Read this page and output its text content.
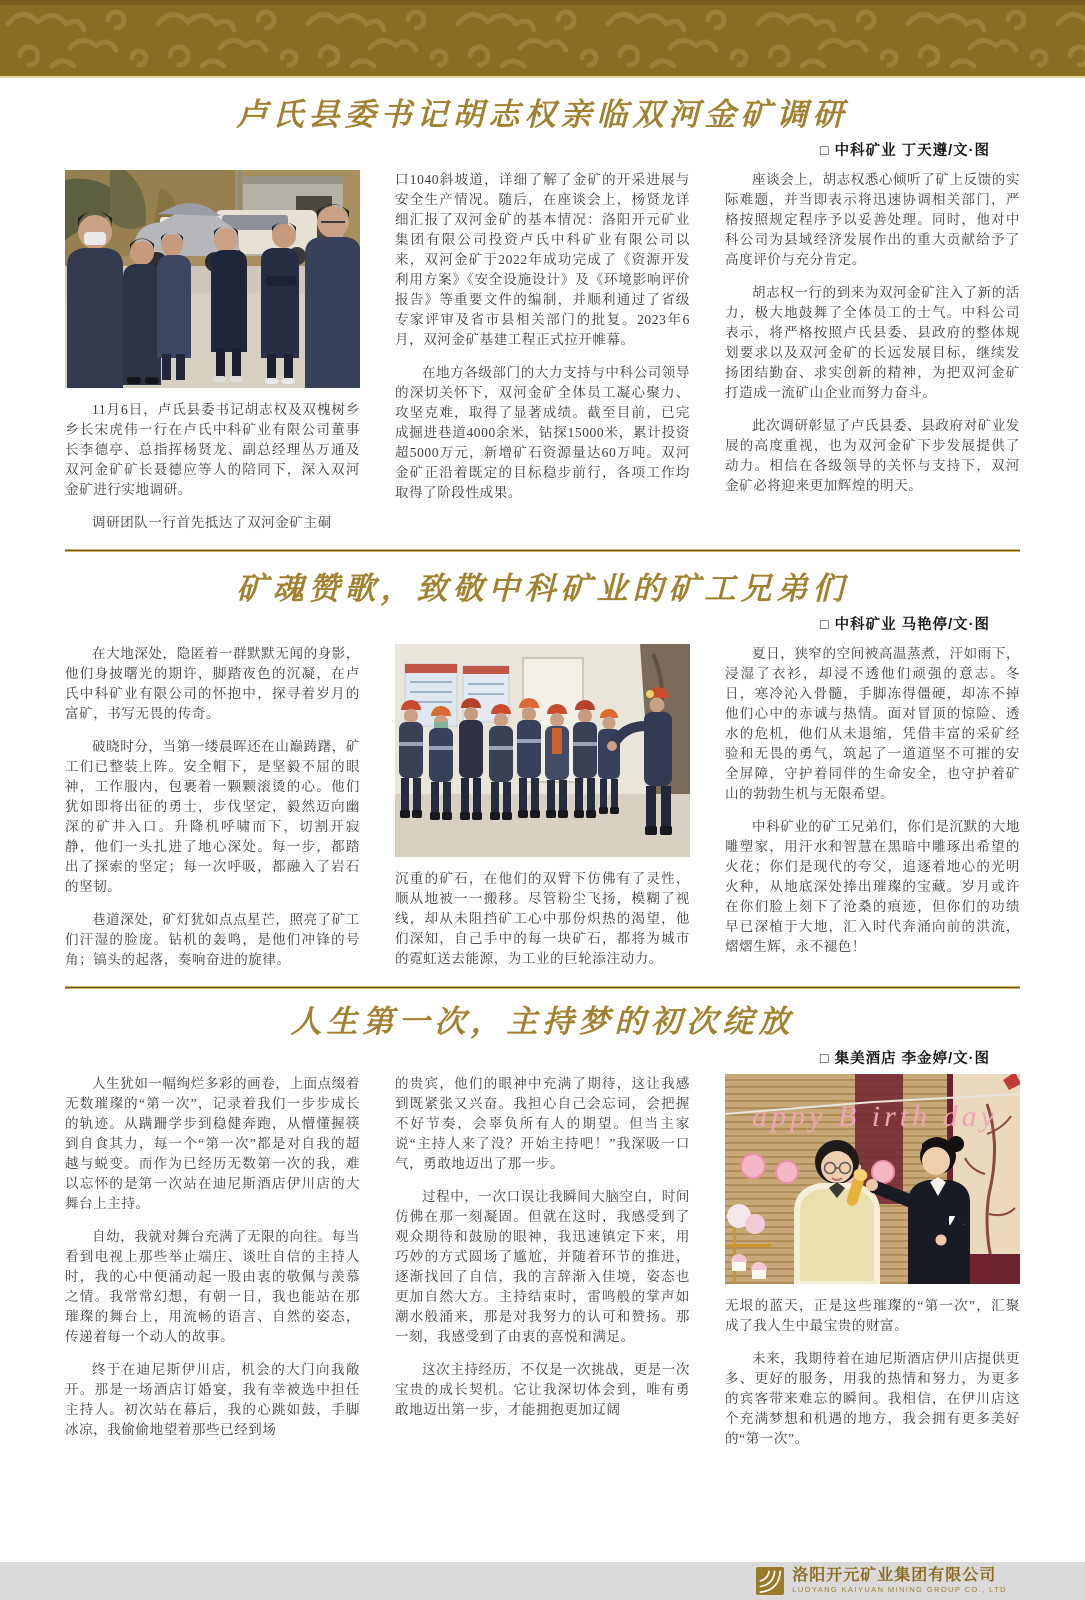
卢氏县委书记胡志权亲临双河金矿调研
□ 中科矿业 丁天遵/文·图

11月6日，卢氏县委书记胡志权及双槐树乡乡长宋虎伟一行在卢氏中科矿业有限公司董事长李德亭、总指挥杨贤龙、副总经理丛万通及双河金矿矿长聂德应等人的陪同下，深入双河金矿进行实地调研。

调研团队一行首先抵达了双河金矿主硐

口1040斜坡道，详细了解了金矿的开采进展与安全生产情况。随后，在座谈会上，杨贤龙详细汇报了双河金矿的基本情况：洛阳开元矿业集团有限公司投资卢氏中科矿业有限公司以来，双河金矿于2022年成功完成了《资源开发利用方案》《安全设施设计》及《环境影响评价报告》等重要文件的编制，并顺利通过了省级专家评审及省市县相关部门的批复。2023年6月，双河金矿基建工程正式拉开帷幕。

在地方各级部门的大力支持与中科公司领导的深切关怀下，双河金矿全体员工凝心聚力、攻坚克难，取得了显著成绩。截至目前，已完成掘进巷道4000余米，钻探15000米，累计投资超5000万元，新增矿石资源量达60万吨。双河金矿正沿着既定的目标稳步前行，各项工作均取得了阶段性成果。

座谈会上，胡志权悉心倾听了矿上反馈的实际难题，并当即表示将迅速协调相关部门，严格按照规定程序予以妥善处理。同时，他对中科公司为县域经济发展作出的重大贡献给予了高度评价与充分肯定。

胡志权一行的到来为双河金矿注入了新的活力，极大地鼓舞了全体员工的士气。中科公司表示，将严格按照卢氏县委、县政府的整体规划要求以及双河金矿的长远发展目标，继续发扬团结勤奋、求实创新的精神，为把双河金矿打造成一流矿山企业而努力奋斗。

此次调研彰显了卢氏县委、县政府对矿业发展的高度重视，也为双河金矿下步发展提供了动力。相信在各级领导的关怀与支持下，双河金矿必将迎来更加辉煌的明天。

矿魂赞歌，致敬中科矿业的矿工兄弟们
□ 中科矿业 马艳停/文·图

在大地深处，隐匿着一群默默无闻的身影，他们身披曙光的期许，脚踏夜色的沉凝，在卢氏中科矿业有限公司的怀抱中，探寻着岁月的富矿，书写无畏的传奇。

破晓时分，当第一缕晨晖还在山巅踌躇，矿工们已整装上阵。安全帽下，是坚毅不屈的眼神，工作服内，包裹着一颗颗滚烫的心。他们犹如即将出征的勇士，步伐坚定，毅然迈向幽深的矿井入口。升降机呼啸而下，切割开寂静，他们一头扎进了地心深处。每一步，都踏出了探索的坚定；每一次呼吸，都融入了岩石的坚韧。

巷道深处，矿灯犹如点点星芒，照亮了矿工们汗湿的脸庞。钻机的轰鸣，是他们冲锋的号角；镐头的起落，奏响奋进的旋律。

沉重的矿石，在他们的双臂下仿佛有了灵性，顺从地被一一搬移。尽管粉尘飞扬，模糊了视线，却从未阻挡矿工心中那份炽热的渴望，他们深知，自己手中的每一块矿石，都将为城市的霓虹送去能源，为工业的巨轮添注动力。

夏日，狭窄的空间被高温蒸煮，汗如雨下，浸湿了衣衫，却浸不透他们顽强的意志。冬日，寒冷沁入骨髓，手脚冻得僵硬，却冻不掉他们心中的赤诚与热情。面对冒顶的惊险、透水的危机，他们从未退缩，凭借丰富的采矿经验和无畏的勇气，筑起了一道道坚不可摧的安全屏障，守护着同伴的生命安全，也守护着矿山的勃勃生机与无限希望。

中科矿业的矿工兄弟们，你们是沉默的大地雕塑家，用汗水和智慧在黑暗中雕琢出希望的火花；你们是现代的夸父，追逐着地心的光明火种，从地底深处捧出璀璨的宝藏。岁月或许在你们脸上刻下了沧桑的痕迹，但你们的功绩早已深植于大地，汇入时代奔涌向前的洪流，熠熠生辉，永不褪色！

人生第一次，主持梦的初次绽放
□ 集美酒店 李金婷/文·图

人生犹如一幅绚烂多彩的画卷，上面点缀着无数璀璨的“第一次”，记录着我们一步步成长的轨迹。从蹒跚学步到稳健奔跑，从懵懂握筷到自食其力，每一个“第一次”都是对自我的超越与蜕变。而作为已经历无数第一次的我，难以忘怀的是第一次站在迪尼斯酒店伊川店的大舞台上主持。

自幼，我就对舞台充满了无限的向往。每当看到电视上那些举止端庄、谈吐自信的主持人时，我的心中便涌动起一股由衷的敬佩与羡慕之情。我常常幻想，有朝一日，我也能站在那璀璨的舞台上，用流畅的语言、自然的姿态，传递着每一个动人的故事。

终于在迪尼斯伊川店，机会的大门向我敞开。那是一场酒店订婚宴，我有幸被选中担任主持人。初次站在幕后，我的心跳如鼓，手脚冰凉，我偷偷地望着那些已经到场

的贵宾，他们的眼神中充满了期待，这让我感到既紧张又兴奋。我担心自己会忘词，会把握不好节奏，会辜负所有人的期望。但当主家说“主持人来了没？开始主持吧！”我深吸一口气，勇敢地迈出了那一步。

过程中，一次口误让我瞬间大脑空白，时间仿佛在那一刻凝固。但就在这时，我感受到了观众期待和鼓励的眼神，我迅速镇定下来，用巧妙的方式圆场了尴尬，并随着环节的推进，逐渐找回了自信，我的言辞渐入佳境，姿态也更加自然大方。主持结束时，雷鸣般的掌声如潮水般涌来，那是对我努力的认可和赞扬。那一刻，我感受到了由衷的喜悦和满足。

这次主持经历，不仅是一次挑战，更是一次宝贵的成长契机。它让我深切体会到，唯有勇敢地迈出第一步，才能拥抱更加辽阔

appy B irth day

无垠的蓝天，正是这些璀璨的“第一次”，汇聚成了我人生中最宝贵的财富。

未来，我期待着在迪尼斯酒店伊川店提供更多、更好的服务，用我的热情和努力，为更多的宾客带来难忘的瞬间。我相信，在伊川店这个充满梦想和机遇的地方，我会拥有更多美好的“第一次”。

洛阳开元矿业集团有限公司
LUOYANG KAIYUAN MINING GROUP CO., LTD
